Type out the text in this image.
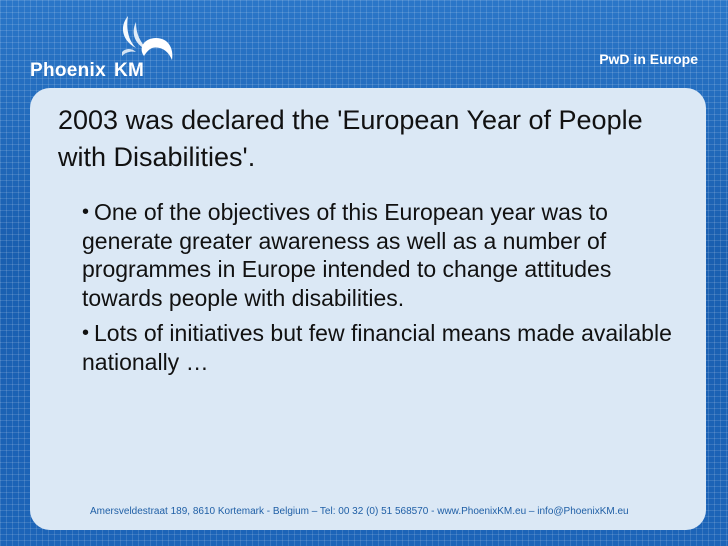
Phoenix KM
PwD in Europe
2003 was declared the 'European Year of People with Disabilities'.
• One of the objectives of this European year was to generate greater awareness as well as a number of programmes in Europe intended to change attitudes towards people with disabilities.
• Lots of initiatives but few financial means made available nationally …
Amersveldestraat 189, 8610 Kortemark - Belgium – Tel: 00 32 (0) 51 568570 - www.PhoenixKM.eu – info@PhoenixKM.eu
